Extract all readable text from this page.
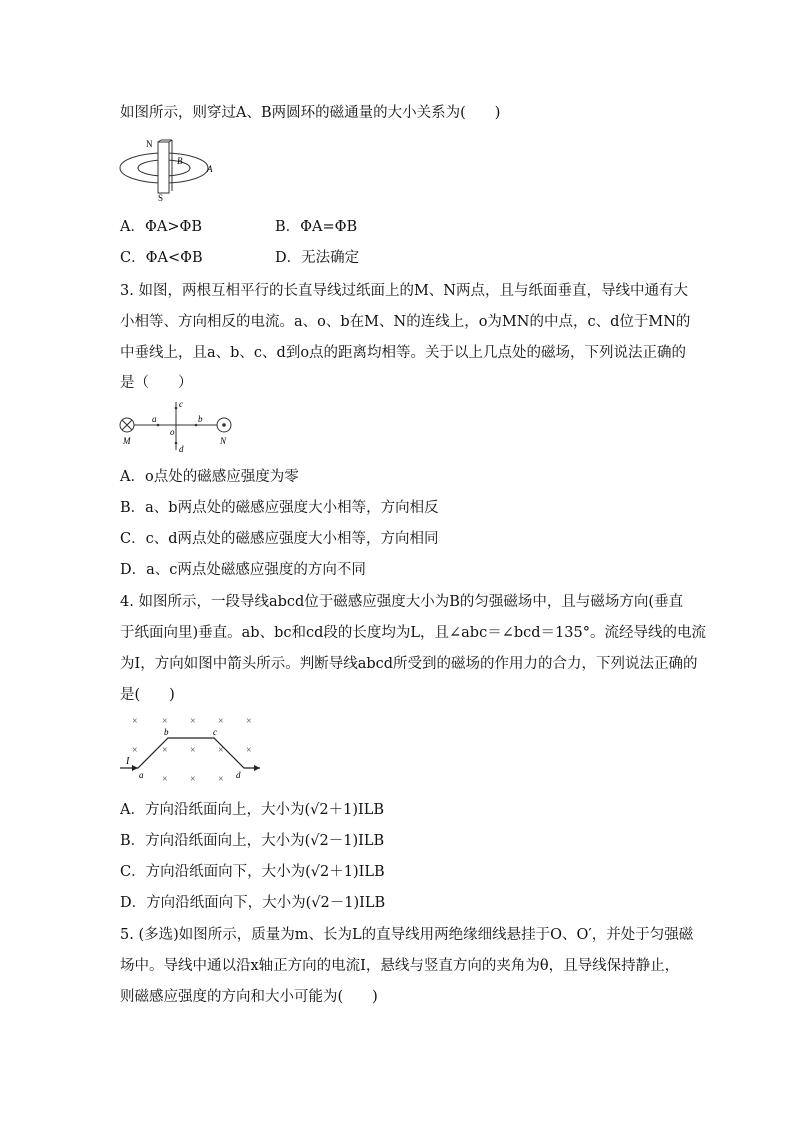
如图所示，则穿过A、B两圆环的磁通量的大小关系为(　　)
N
S
B
A
A．ΦA>ΦB	B．ΦA=ΦB
C．ΦA<ΦB	D．无法确定
3. 如图，两根互相平行的长直导线过纸面上的M、N两点，且与纸面垂直，导线中通有大
小相等、方向相反的电流。a、o、b在M、N的连线上，o为MN的中点，c、d位于MN的
中垂线上，且a、b、c、d到o点的距离均相等。关于以上几点处的磁场，下列说法正确的
是（　　）
M	N
a	b
o
c
d
A．o点处的磁感应强度为零
B．a、b两点处的磁感应强度大小相等，方向相反
C．c、d两点处的磁感应强度大小相等，方向相同
D．a、c两点处磁感应强度的方向不同
4. 如图所示，一段导线abcd位于磁感应强度大小为B的匀强磁场中，且与磁场方向(垂直
于纸面向里)垂直。ab、bc和cd段的长度均为L，且∠abc＝∠bcd＝135°。流经导线的电流
为I，方向如图中箭头所示。判断导线abcd所受到的磁场的作用力的合力，下列说法正确的
是(　　)
× × × × ×
× × × × ×
× × ×
I
a
b	c
d
A．方向沿纸面向上，大小为(√2＋1)ILB
B．方向沿纸面向上，大小为(√2－1)ILB
C．方向沿纸面向下，大小为(√2＋1)ILB
D．方向沿纸面向下，大小为(√2－1)ILB
5. (多选)如图所示，质量为m、长为L的直导线用两绝缘细线悬挂于O、O′，并处于匀强磁
场中。导线中通以沿x轴正方向的电流I，悬线与竖直方向的夹角为θ，且导线保持静止，
则磁感应强度的方向和大小可能为(　　)
